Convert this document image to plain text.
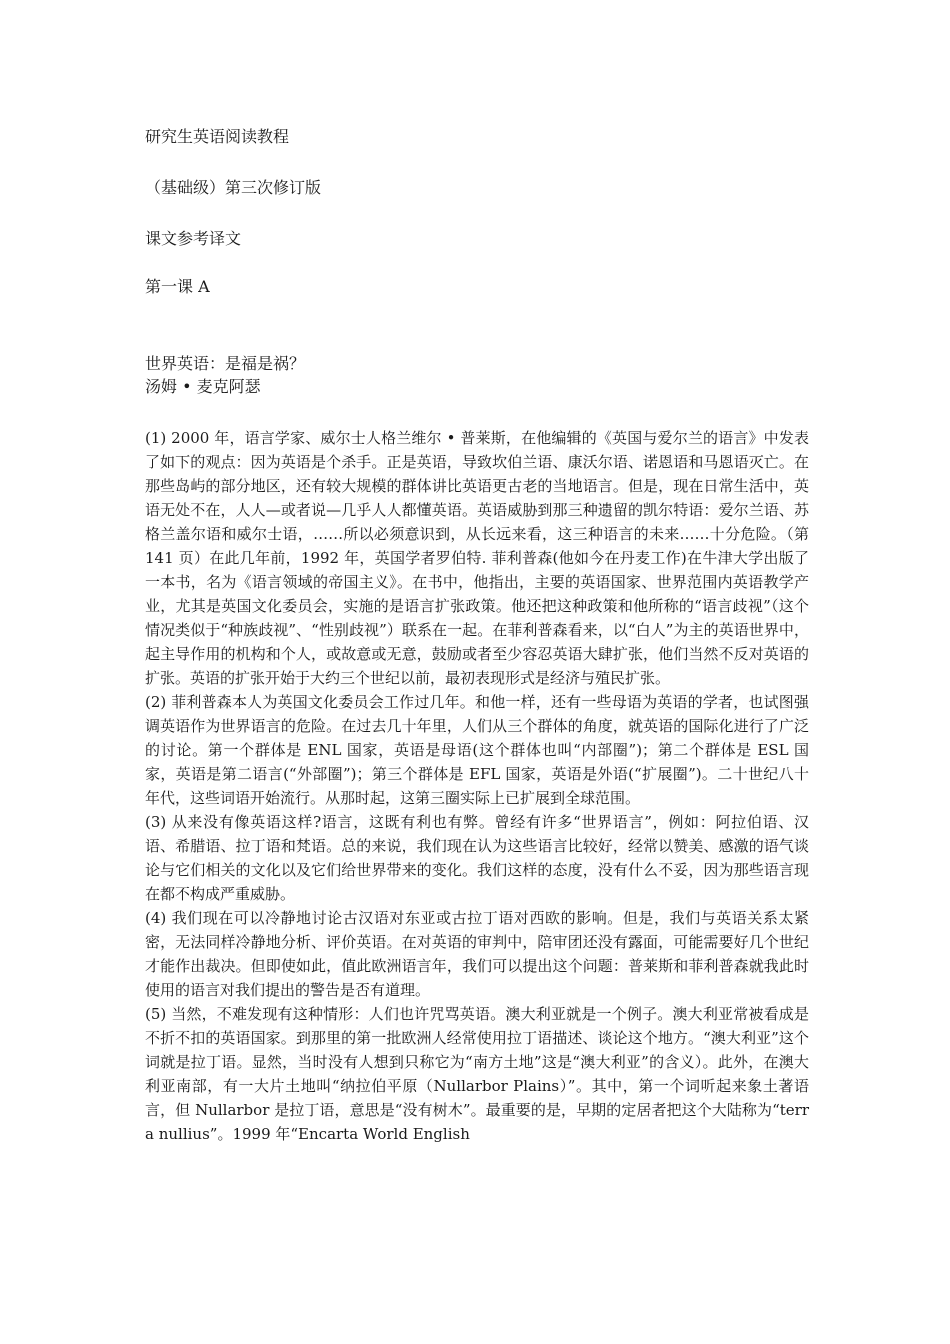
研究生英语阅读教程
（基础级）第三次修订版
课文参考译文
第一课 A
世界英语：是福是祸？
汤姆 • 麦克阿瑟

(1) 2000 年，语言学家、威尔士人格兰维尔 • 普莱斯，在他编辑的《英国与爱尔兰的语言》中发表了如下的观点：因为英语是个杀手。正是英语，导致坎伯兰语、康沃尔语、诺恩语和马恩语灭亡。在那些岛屿的部分地区，还有较大规模的群体讲比英语更古老的当地语言。但是，现在日常生活中，英语无处不在，人人—或者说—几乎人人都懂英语。英语威胁到那三种遗留的凯尔特语：爱尔兰语、苏格兰盖尔语和威尔士语，……所以必须意识到，从长远来看，这三种语言的未来……十分危险。（第 141 页）在此几年前，1992 年，英国学者罗伯特. 菲利普森(他如今在丹麦工作)在牛津大学出版了一本书，名为《语言领域的帝国主义》。在书中，他指出，主要的英语国家、世界范围内英语教学产业，尤其是英国文化委员会，实施的是语言扩张政策。他还把这种政策和他所称的“语言歧视”（这个情况类似于“种族歧视”、“性别歧视”）联系在一起。在菲利普森看来，以“白人”为主的英语世界中，起主导作用的机构和个人，或故意或无意，鼓励或者至少容忍英语大肆扩张，他们当然不反对英语的扩张。英语的扩张开始于大约三个世纪以前，最初表现形式是经济与殖民扩张。

(2) 菲利普森本人为英国文化委员会工作过几年。和他一样，还有一些母语为英语的学者，也试图强调英语作为世界语言的危险。在过去几十年里，人们从三个群体的角度，就英语的国际化进行了广泛的讨论。第一个群体是 ENL 国家，英语是母语(这个群体也叫“内部圈”)；第二个群体是 ESL 国家，英语是第二语言(“外部圈”)；第三个群体是 EFL 国家，英语是外语(“扩展圈”)。二十世纪八十年代，这些词语开始流行。从那时起，这第三圈实际上已扩展到全球范围。

(3) 从来没有像英语这样?语言，这既有利也有弊。曾经有许多“世界语言”，例如：阿拉伯语、汉语、希腊语、拉丁语和梵语。总的来说，我们现在认为这些语言比较好，经常以赞美、感激的语气谈论与它们相关的文化以及它们给世界带来的变化。我们这样的态度，没有什么不妥，因为那些语言现在都不构成严重威胁。

(4) 我们现在可以冷静地讨论古汉语对东亚或古拉丁语对西欧的影响。但是，我们与英语关系太紧密，无法同样冷静地分析、评价英语。在对英语的审判中，陪审团还没有露面，可能需要好几个世纪才能作出裁决。但即使如此，值此欧洲语言年，我们可以提出这个问题：普莱斯和菲利普森就我此时使用的语言对我们提出的警告是否有道理。

(5) 当然，不难发现有这种情形：人们也许咒骂英语。澳大利亚就是一个例子。澳大利亚常被看成是不折不扣的英语国家。到那里的第一批欧洲人经常使用拉丁语描述、谈论这个地方。“澳大利亚”这个词就是拉丁语。显然，当时没有人想到只称它为“南方土地”这是“澳大利亚”的含义）。此外，在澳大利亚南部，有一大片土地叫“纳拉伯平原（Nullarbor Plains）”。其中，第一个词听起来象土著语言，但 Nullarbor 是拉丁语，意思是“没有树木”。最重要的是，早期的定居者把这个大陆称为“terra nullius”。1999 年“Encarta World English
